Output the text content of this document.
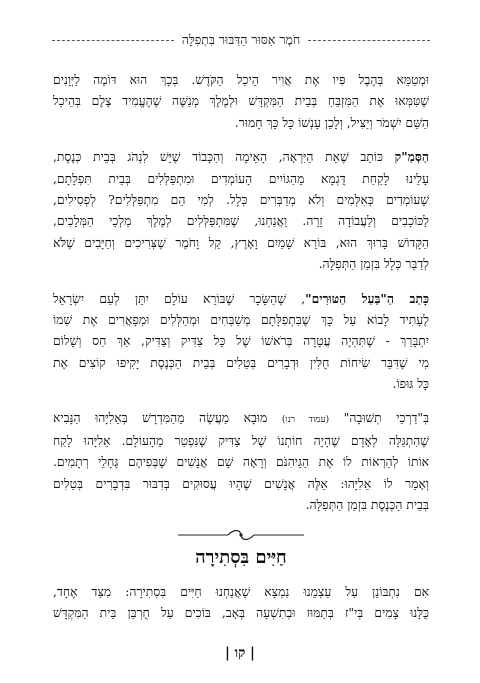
חֹמֶר אִסּוּר הַדִּבּוּר בִּתְפִלָּה
וּמְטַמֵּא בְּהֶבֶל פִּיו אֶת אֲוִיר הֵיכַל הַקֹּדֶשׁ. בְּכָךְ הוּא דּוֹמֶה לַיְּוָנִים
שֶׁטִּמְּאוּ אֶת הַמִּזְבֵּחַ בְּבֵית הַמִּקְדָּשׁ וּלְמֶלֶךְ מְנַשֶּׁה שֶׁהֶעֱמִיד צֶלֶם בְּהֵיכַל
הַשֵּׁם יִשְׁמֹר וְיַצִּיל, וְלָכֵן עָנְשׁוֹ כָּל כָּךְ חָמוּר.
הַסְּמַ"ק כּוֹתֵב שֶׁאֵת הַיִּרְאָה, הָאֵימָה וְהַכָּבוֹד שֶׁיֵּשׁ לִנְהֹג בְּבֵית כְּנֶסֶת,
עָלֵינוּ לָקַחַת דֻּגְמָא מֵהַגּוֹיִים הָעוֹמְדִים וּמִתְפַּלְּלִים בְּבֵית תִּפְלָתָם,
שֶׁעוֹמְדִים כְּאִלְּמִים וְלֹא מְדַבְּרִים כְּלָל. לְמִי הֵם מִתְפַּלְּלִים? לְפְסִילִים,
לַכּוֹכָבִים וְלַעֲבוֹדָה זָרָה. וַאֲנַחְנוּ, שֶׁמִּתְפַּלְּלִים לְמֶלֶךְ מַלְכֵי הַמְּלָכִים,
הַקָּדוֹשׁ בָּרוּךְ הוּא, בּוֹרֵא שָׁמַיִם וָאָרֶץ, קַל וָחֹמֶר שֶׁצְּרִיכִים וְחַיָּבִים שֶׁלֹּא
לְדַבֵּר כְּלָל בִּזְמַן הַתְּפִלָּה.
כָּתַב הַ"בַּעַל הַטּוּרִים", שֶׁהַשָּׂכָר שֶׁבּוֹרֵא עוֹלָם יִתֵּן לְעַם יִשְׂרָאֵל
לֶעָתִיד לָבוֹא עַל כָּךְ שֶׁבִּתְפִלָּתָם מְשַׁבְּחִים וּמְהַלְּלִים וּמְפָאֲרִים אֶת שְׁמוֹ
יִתְבָּרַךְ - שֶׁתִּהְיֶה עֲטָרָה בְּרֹאשׁוֹ שֶׁל כָּל צַדִּיק וְצַדִּיק, אַךְ חַס וְשָׁלוֹם
מִי שֶׁדִּבֵּר שִׂיחוֹת חֻלִּין וּדְבָרִים בְּטֵלִים בְּבֵית הַכְּנֶסֶת יָקִיפוּ קוֹצִים אֶת
כָּל גּוּפוֹ.
בְּ"דַרְכֵי תְשׁוּבָה" (עמוד רנו) מוּבָא מַעֲשֶׂה מֵהַמִּדְרָשׁ בְּאֵלִיָּהוּ הַנָּבִיא
שֶׁהִתְגַּלָּה לְאָדָם שֶׁהָיָה חוֹתְנוֹ שֶׁל צַדִּיק שֶׁנִּפְטַר מֵהָעוֹלָם. אֵלִיָּהוּ לָקַח
אוֹתוֹ לְהַרְאוֹת לוֹ אֶת הַגֵּיהִנֹּם וְרָאָה שָׁם אֲנָשִׁים שֶׁבְּפִיהֶם גֶּחָלֵי רְתָמִים.
וְאָמַר לוֹ אֵלִיָּהוּ: אֵלֶּה אֲנָשִׁים שֶׁהָיוּ עֲסוּקִים בְּדִבּוּר בִּדְבָרִים בְּטֵלִים
בְּבֵית הַכְּנֶסֶת בִּזְמַן הַתְּפִלָּה.
חַיִּים בִּסְתִירָה
אִם נִתְבּוֹנֵן עַל עַצְמֵנוּ נִמְצָא שֶׁאֲנַחְנוּ חַיִּים בִּסְתִירָה: מִצַּד אֶחָד,
כֻּלָּנוּ צָמִים בְּי"ז בְּתַמּוּז וּבְתִשְׁעָה בְּאָב, בּוֹכִים עַל חֻרְבַּן בֵּית הַמִּקְדָּשׁ
| קו |
